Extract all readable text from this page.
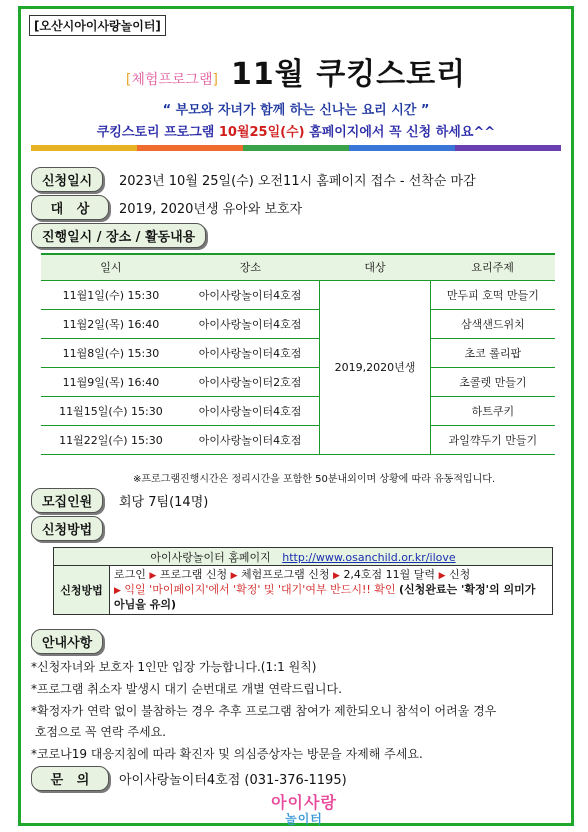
[오산시아이사랑놀이터]
[체험프로그램] 11월 쿠킹스토리
“ 부모와 자녀가 함께 하는 신나는 요리 시간 ”
쿠킹스토리 프로그램 10월25일(수) 홈페이지에서 꼭 신청 하세요^^
신청일시	2023년 10월 25일(수) 오전11시 홈페이지 접수 - 선착순 마감
대   상	2019, 2020년생 유아와 보호자
진행일시 / 장소 / 활동내용
일시	장소	대상	요리주제
11월1일(수) 15:30	아이사랑놀이터4호점	2019,2020년생	만두피 호떡 만들기
11월2일(목) 16:40	아이사랑놀이터4호점		삼색샌드위치
11월8일(수) 15:30	아이사랑놀이터4호점		초코 롤리팝
11월9일(목) 16:40	아이사랑놀이터2호점		초콜렛 만들기
11월15일(수) 15:30	아이사랑놀이터4호점		하트쿠키
11월22일(수) 15:30	아이사랑놀이터4호점		과일꺅두기 만들기
※프로그램진행시간은 정리시간을 포함한 50분내외이며 상황에 따라 유동적입니다.
모집인원	회당 7팀(14명)
신청방법
아이사랑놀이터 홈페이지 http://www.osanchild.or.kr/ilove
신청방법	로그인 ▶ 프로그램 신청 ▶ 체험프로그램 신청 ▶ 2,4호점 11월 달력 ▶ 신청
▶ 익일 '마이페이지'에서 '확정' 및 '대기'여부 반드시!! 확인 (신청완료는 '확정'의 의미가 아님을 유의)
안내사항
*신청자녀와 보호자 1인만 입장 가능합니다.(1:1 원칙)
*프로그램 취소자 발생시 대기 순번대로 개별 연락드립니다.
*확정자가 연락 없이 불참하는 경우 추후 프로그램 참여가 제한되오니 참석이 어려울 경우
호점으로 꼭 연락 주세요.
*코로나19 대응지침에 따라 확진자 및 의심증상자는 방문을 자제해 주세요.
문   의	아이사랑놀이터4호점 (031-376-1195)
아이사랑
놀이터
